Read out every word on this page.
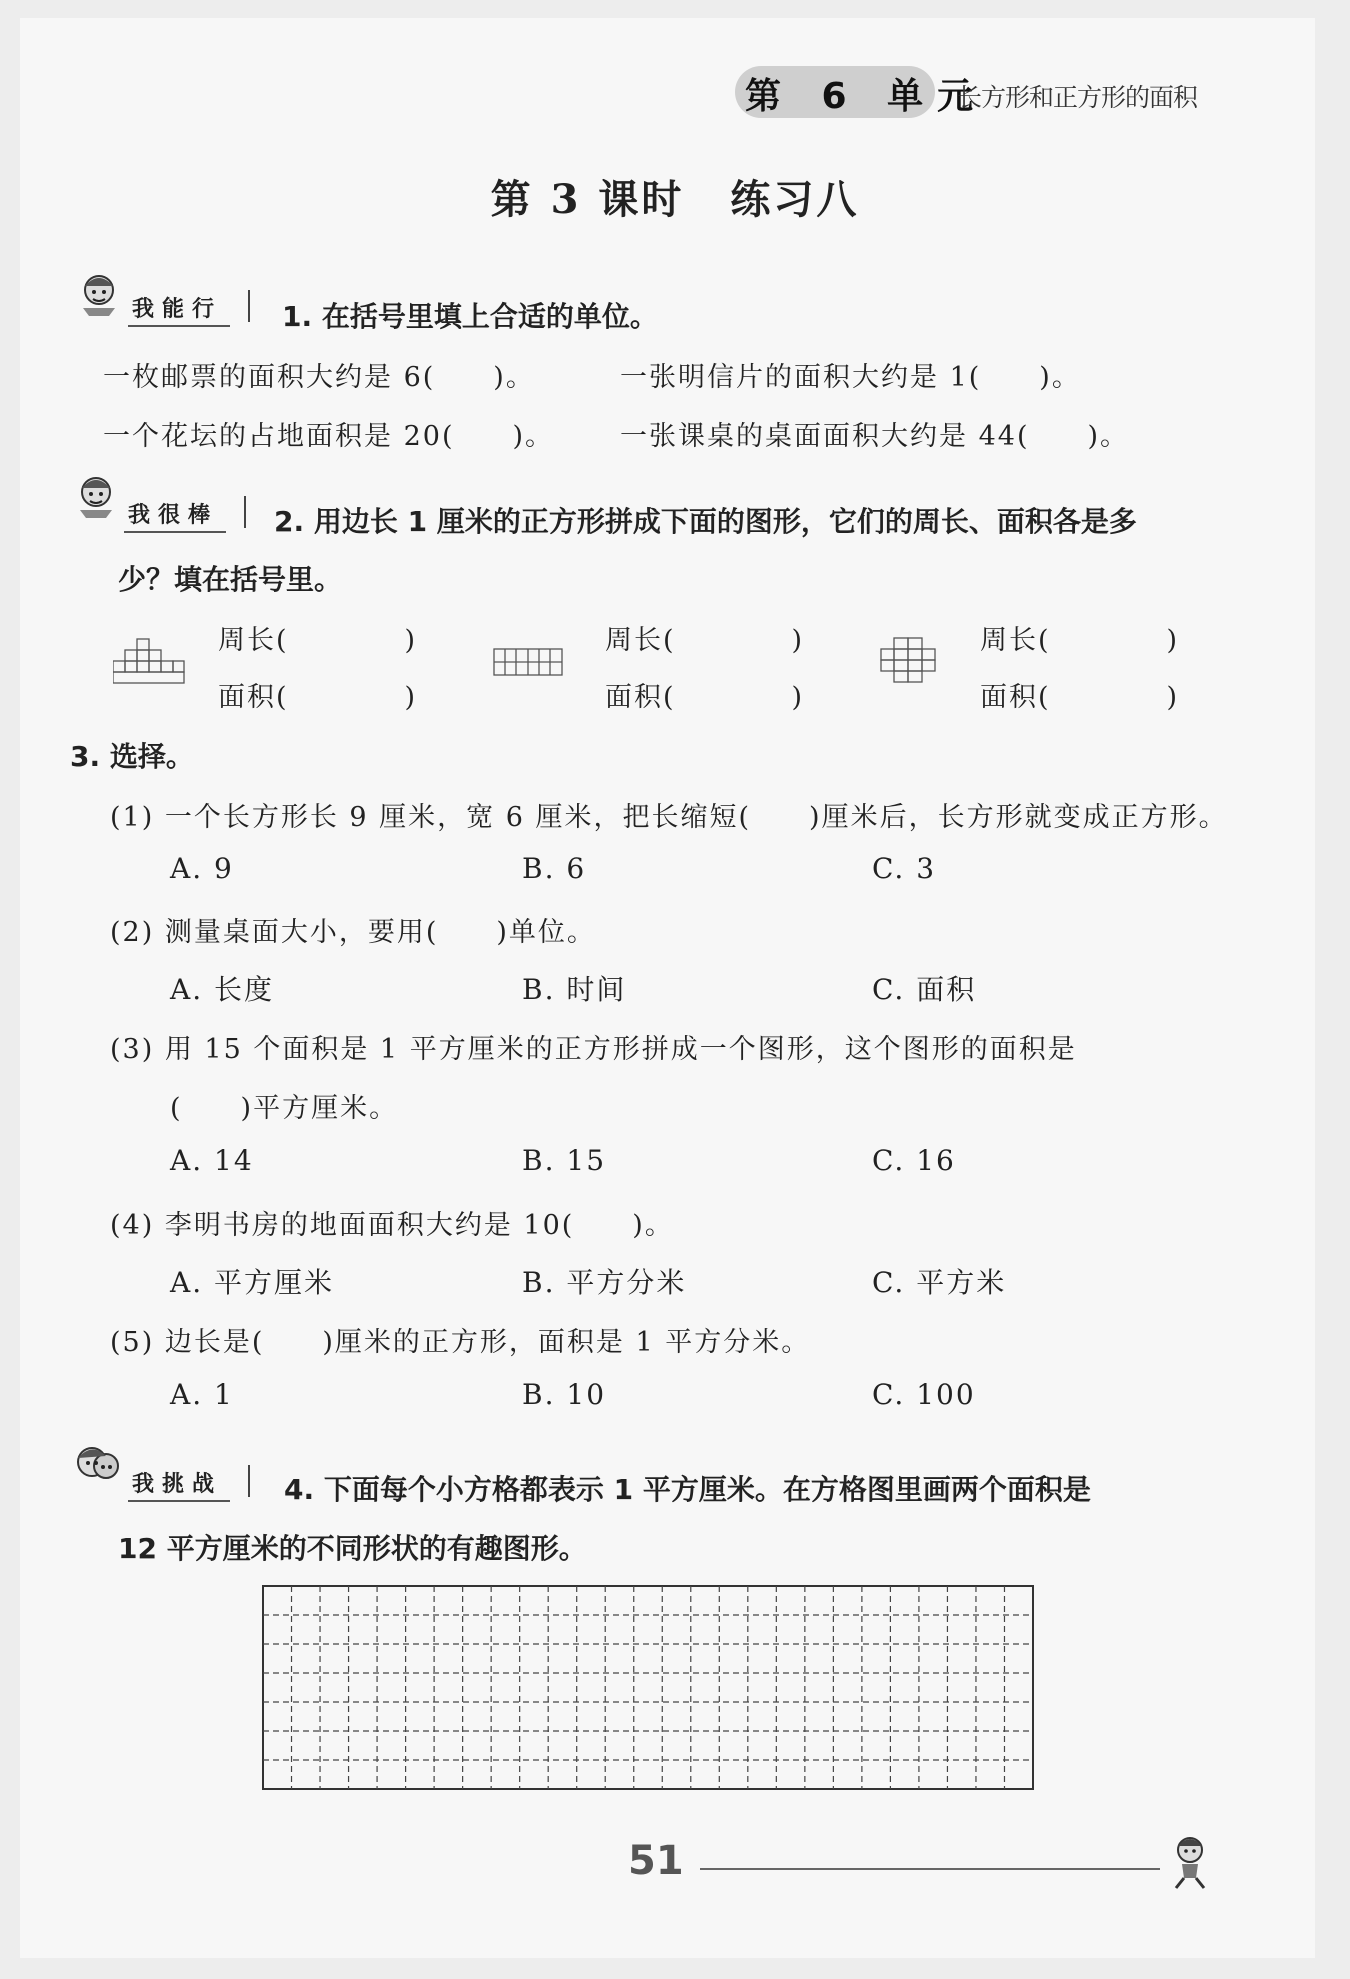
第 6 单元
长方形和正方形的面积
第 3 课时 练习八
我能行 1. 在括号里填上合适的单位。
一枚邮票的面积大约是 6(　　)。	一张明信片的面积大约是 1(　　)。
一个花坛的占地面积是 20(　　)。 一张课桌的桌面面积大约是 44(　　)。
我很棒 2. 用边长 1 厘米的正方形拼成下面的图形，它们的周长、面积各是多
少？填在括号里。
周长(　　　　)
面积(　　　　)
周长(　　　　)
面积(　　　　)
周长(　　　　)
面积(　　　　)
3. 选择。
(1) 一个长方形长 9 厘米，宽 6 厘米，把长缩短(　　)厘米后，长方形就变成正方形。
A. 9	B. 6	C. 3
(2) 测量桌面大小，要用(　　)单位。
A. 长度	B. 时间	C. 面积
(3) 用 15 个面积是 1 平方厘米的正方形拼成一个图形，这个图形的面积是
(　　)平方厘米。
A. 14	B. 15	C. 16
(4) 李明书房的地面面积大约是 10(　　)。
A. 平方厘米	B. 平方分米	C. 平方米
(5) 边长是(　　)厘米的正方形，面积是 1 平方分米。
A. 1	B. 10	C. 100
我挑战 4. 下面每个小方格都表示 1 平方厘米。在方格图里画两个面积是
12 平方厘米的不同形状的有趣图形。
51
